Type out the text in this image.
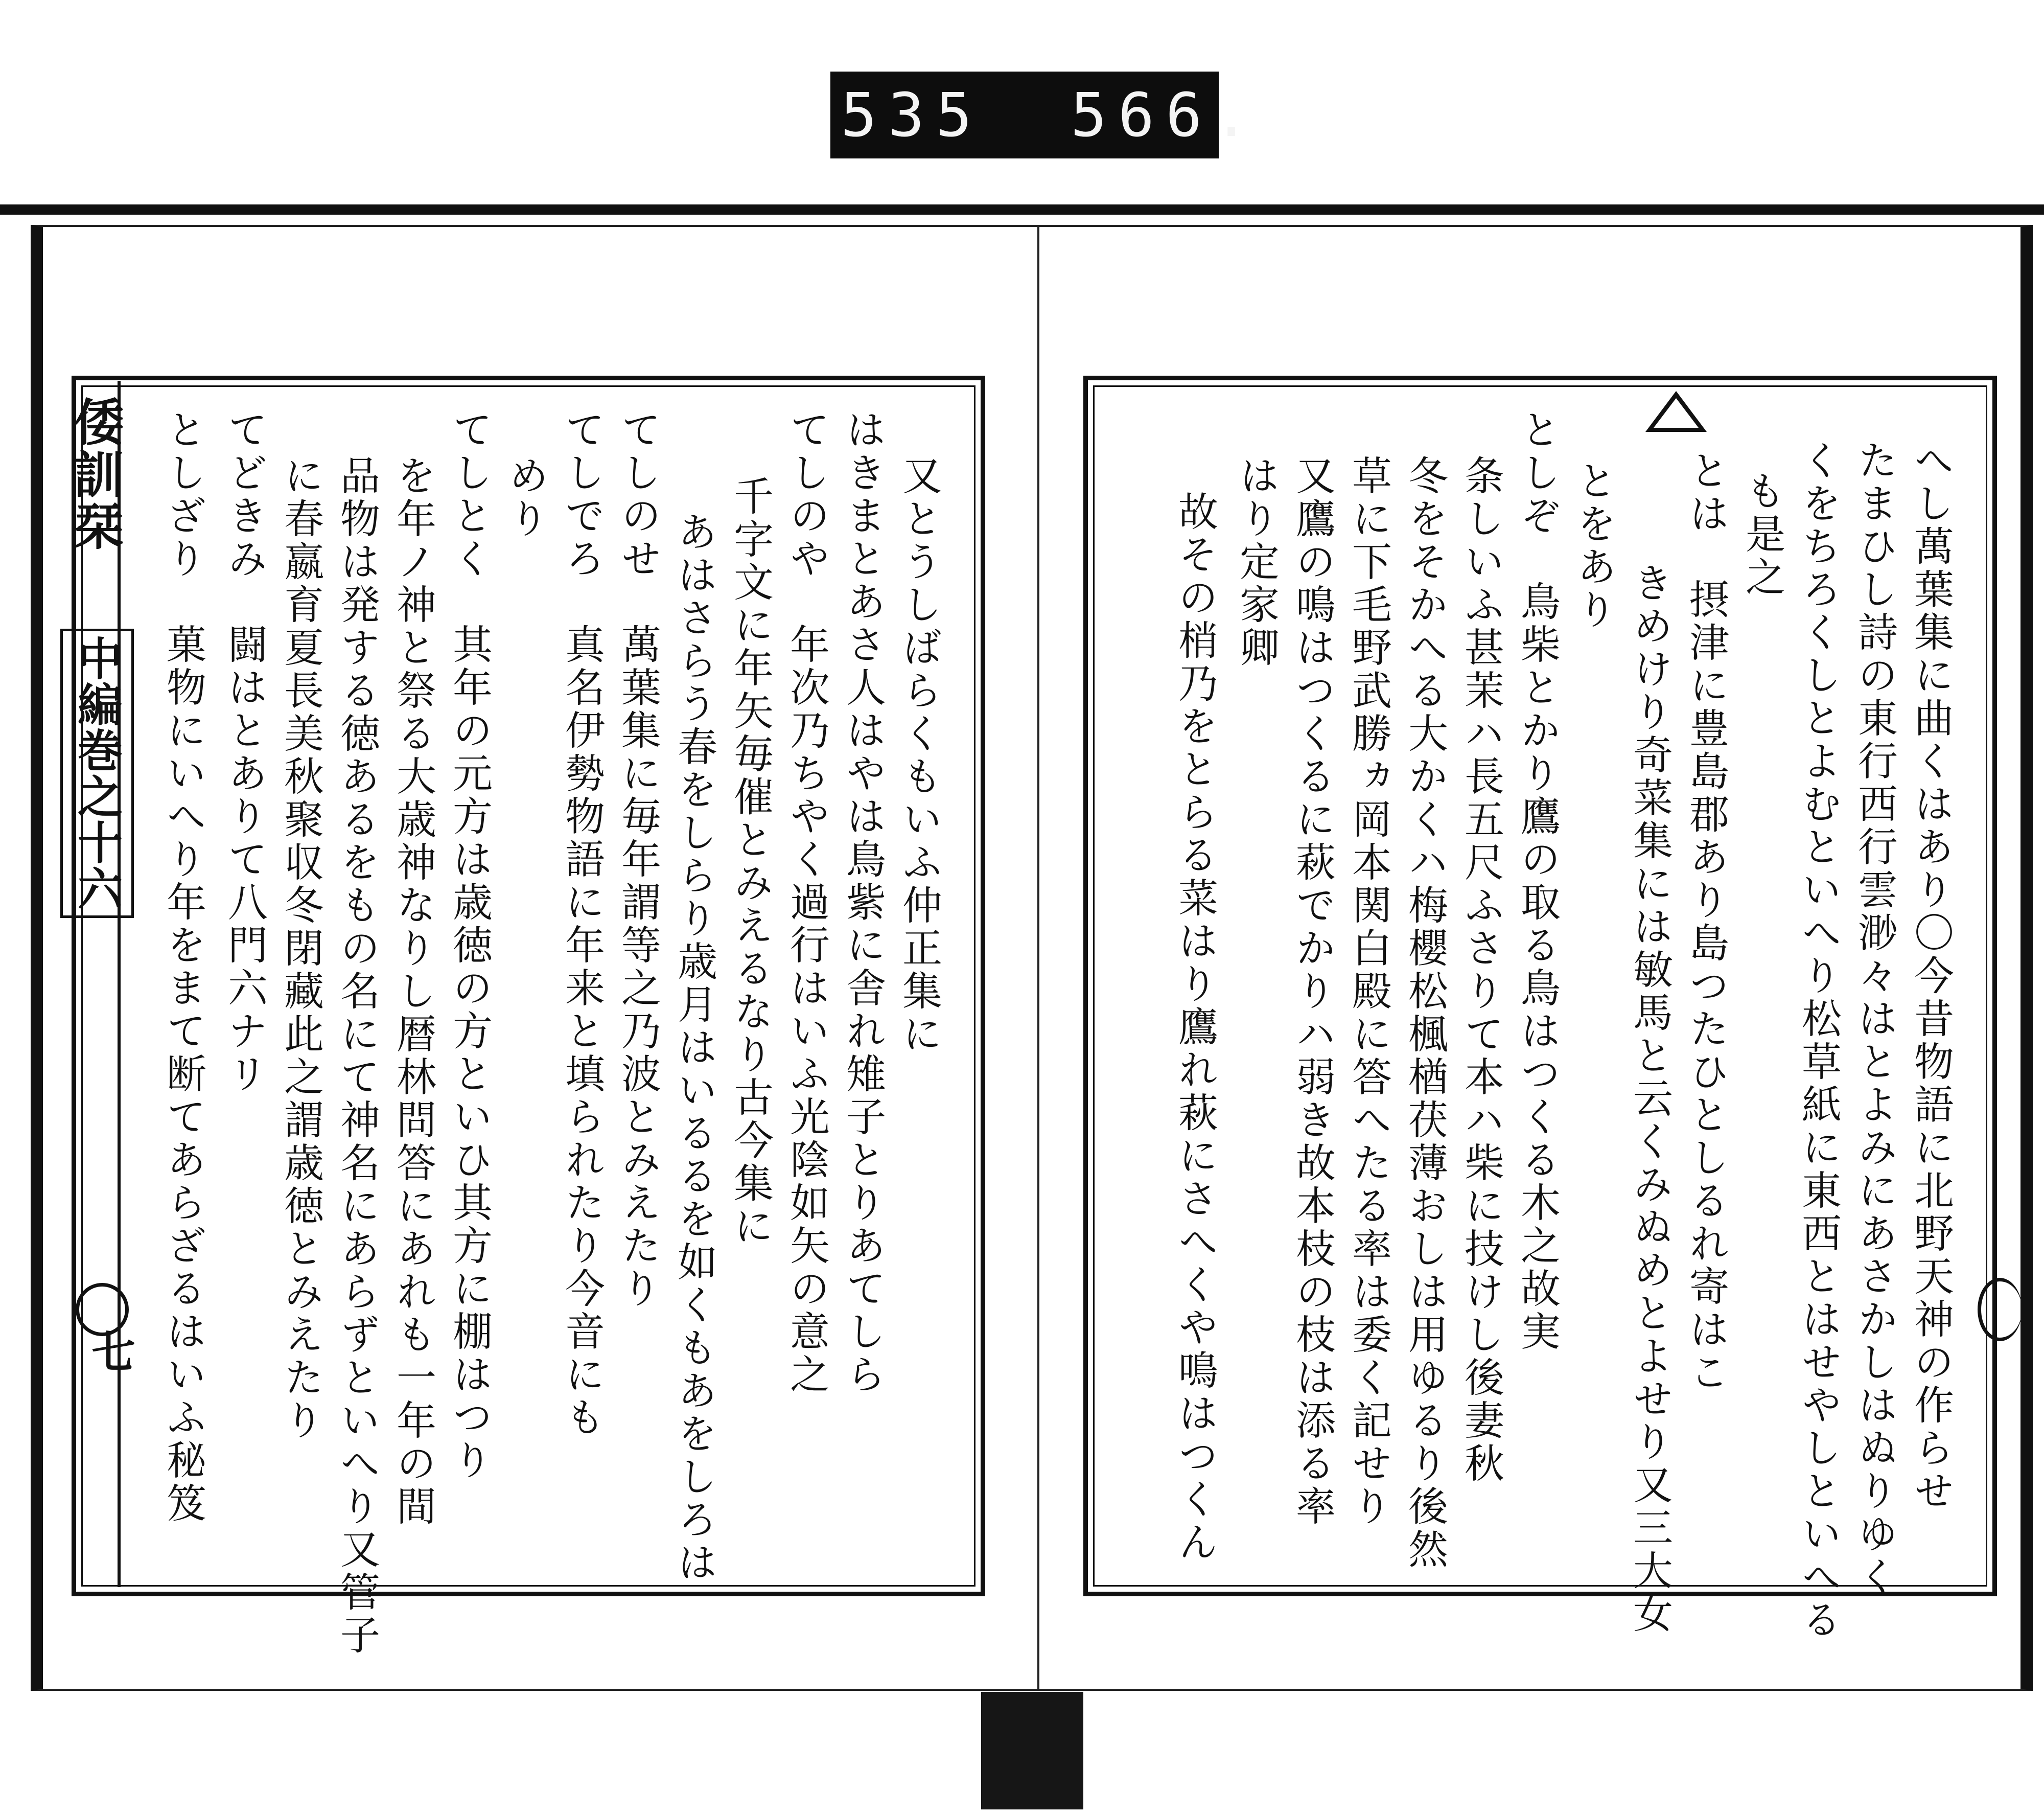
535 566.
倭訓栞
中編巻之十六
七
又とうしばらくもいふ仲正集に
はきまとあさ人はやは鳥紫に舎れ雉子とりあてしら
てしのや　年次乃ちやく過行はいふ光陰如矢の意之
千字文に年矢毎催とみえるなり古今集に
あはさらう春をしらり歳月はいるるを如くもあをしろは
てしのせ　萬葉集に毎年謂等之乃波とみえたり
てしでろ　真名伊勢物語に年来と填られたり今音にも
めり
てしとく　其年の元方は歳徳の方といひ其方に棚はつり
を年ノ神と祭る大歳神なりし暦林問答にあれも一年の間
品物は発する徳あるをもの名にて神名にあらずといへり又管子
に春嬴育夏長美秋聚収冬閉藏此之謂歳徳とみえたり
てどきみ　闘はとありて八門六ナリ
としざり　菓物にいへり年をまて断てあらざるはいふ秘笈	へし萬葉集に曲くはあり〇今昔物語に北野天神の作らせ
たまひし詩の東行西行雲渺々はとよみにあさかしはぬりゆく
くをちろくしとよむといへり松草紙に東西とはせやしといへる
も是之
とは　摂津に豊島郡あり島つたひとしるれ寄はこ
きめけり奇菜集には敏馬と云くみぬめとよせり又三大女
とをあり
としぞ　鳥柴とかり鷹の取る鳥はつくる木之故実
条しいふ甚茉ハ長五尺ふさりて本ハ柴に技けし後妻秋
冬をそかへる大かくハ梅櫻松楓楢茯薄おしは用ゆるり後然
草に下毛野武勝ヵ岡本関白殿に答へたる率は委く記せり
又鷹の鳴はつくるに萩でかりハ弱き故本枝の枝は添る率
はり定家卿
故その梢乃をとらる菜はり鷹れ萩にさへくや鳴はつくん
